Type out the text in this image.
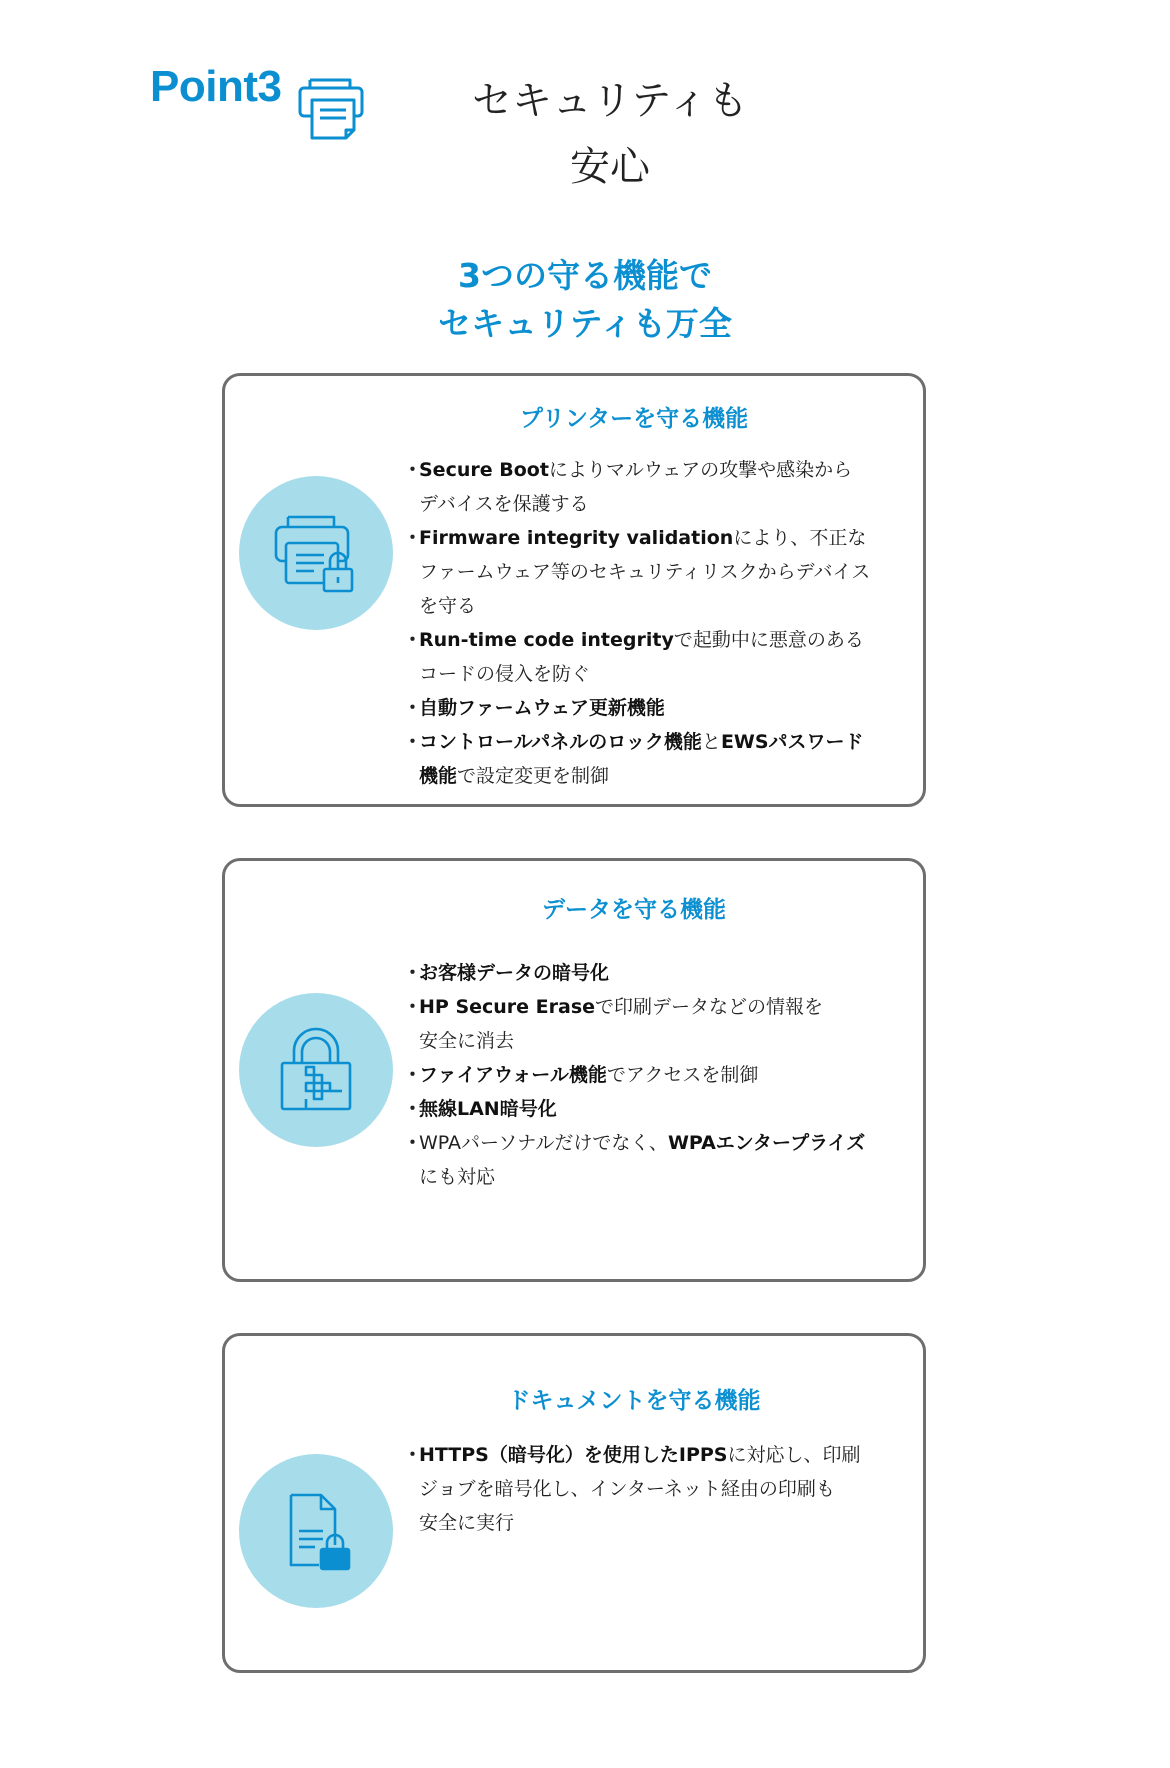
Point3	セキュリティも
安心
3つの守る機能で
セキュリティも万全
プリンターを守る機能
・
Secure Bootによりマルウェアの攻撃や感染から
デバイスを保護する
・
Firmware integrity validationにより、不正な
ファームウェア等のセキュリティリスクからデバイス
を守る
・
Run-time code integrityで起動中に悪意のある
コードの侵入を防ぐ
・
自動ファームウェア更新機能
・
コントロールパネルのロック機能とEWSパスワード
機能で設定変更を制御
データを守る機能
・
お客様データの暗号化
・
HP Secure Eraseで印刷データなどの情報を
安全に消去
・
ファイアウォール機能でアクセスを制御
・
無線LAN暗号化
・
WPAパーソナルだけでなく、WPAエンタープライズ
にも対応
ドキュメントを守る機能
・
HTTPS（暗号化）を使用したIPPSに対応し、印刷
ジョブを暗号化し、インターネット経由の印刷も
安全に実行
